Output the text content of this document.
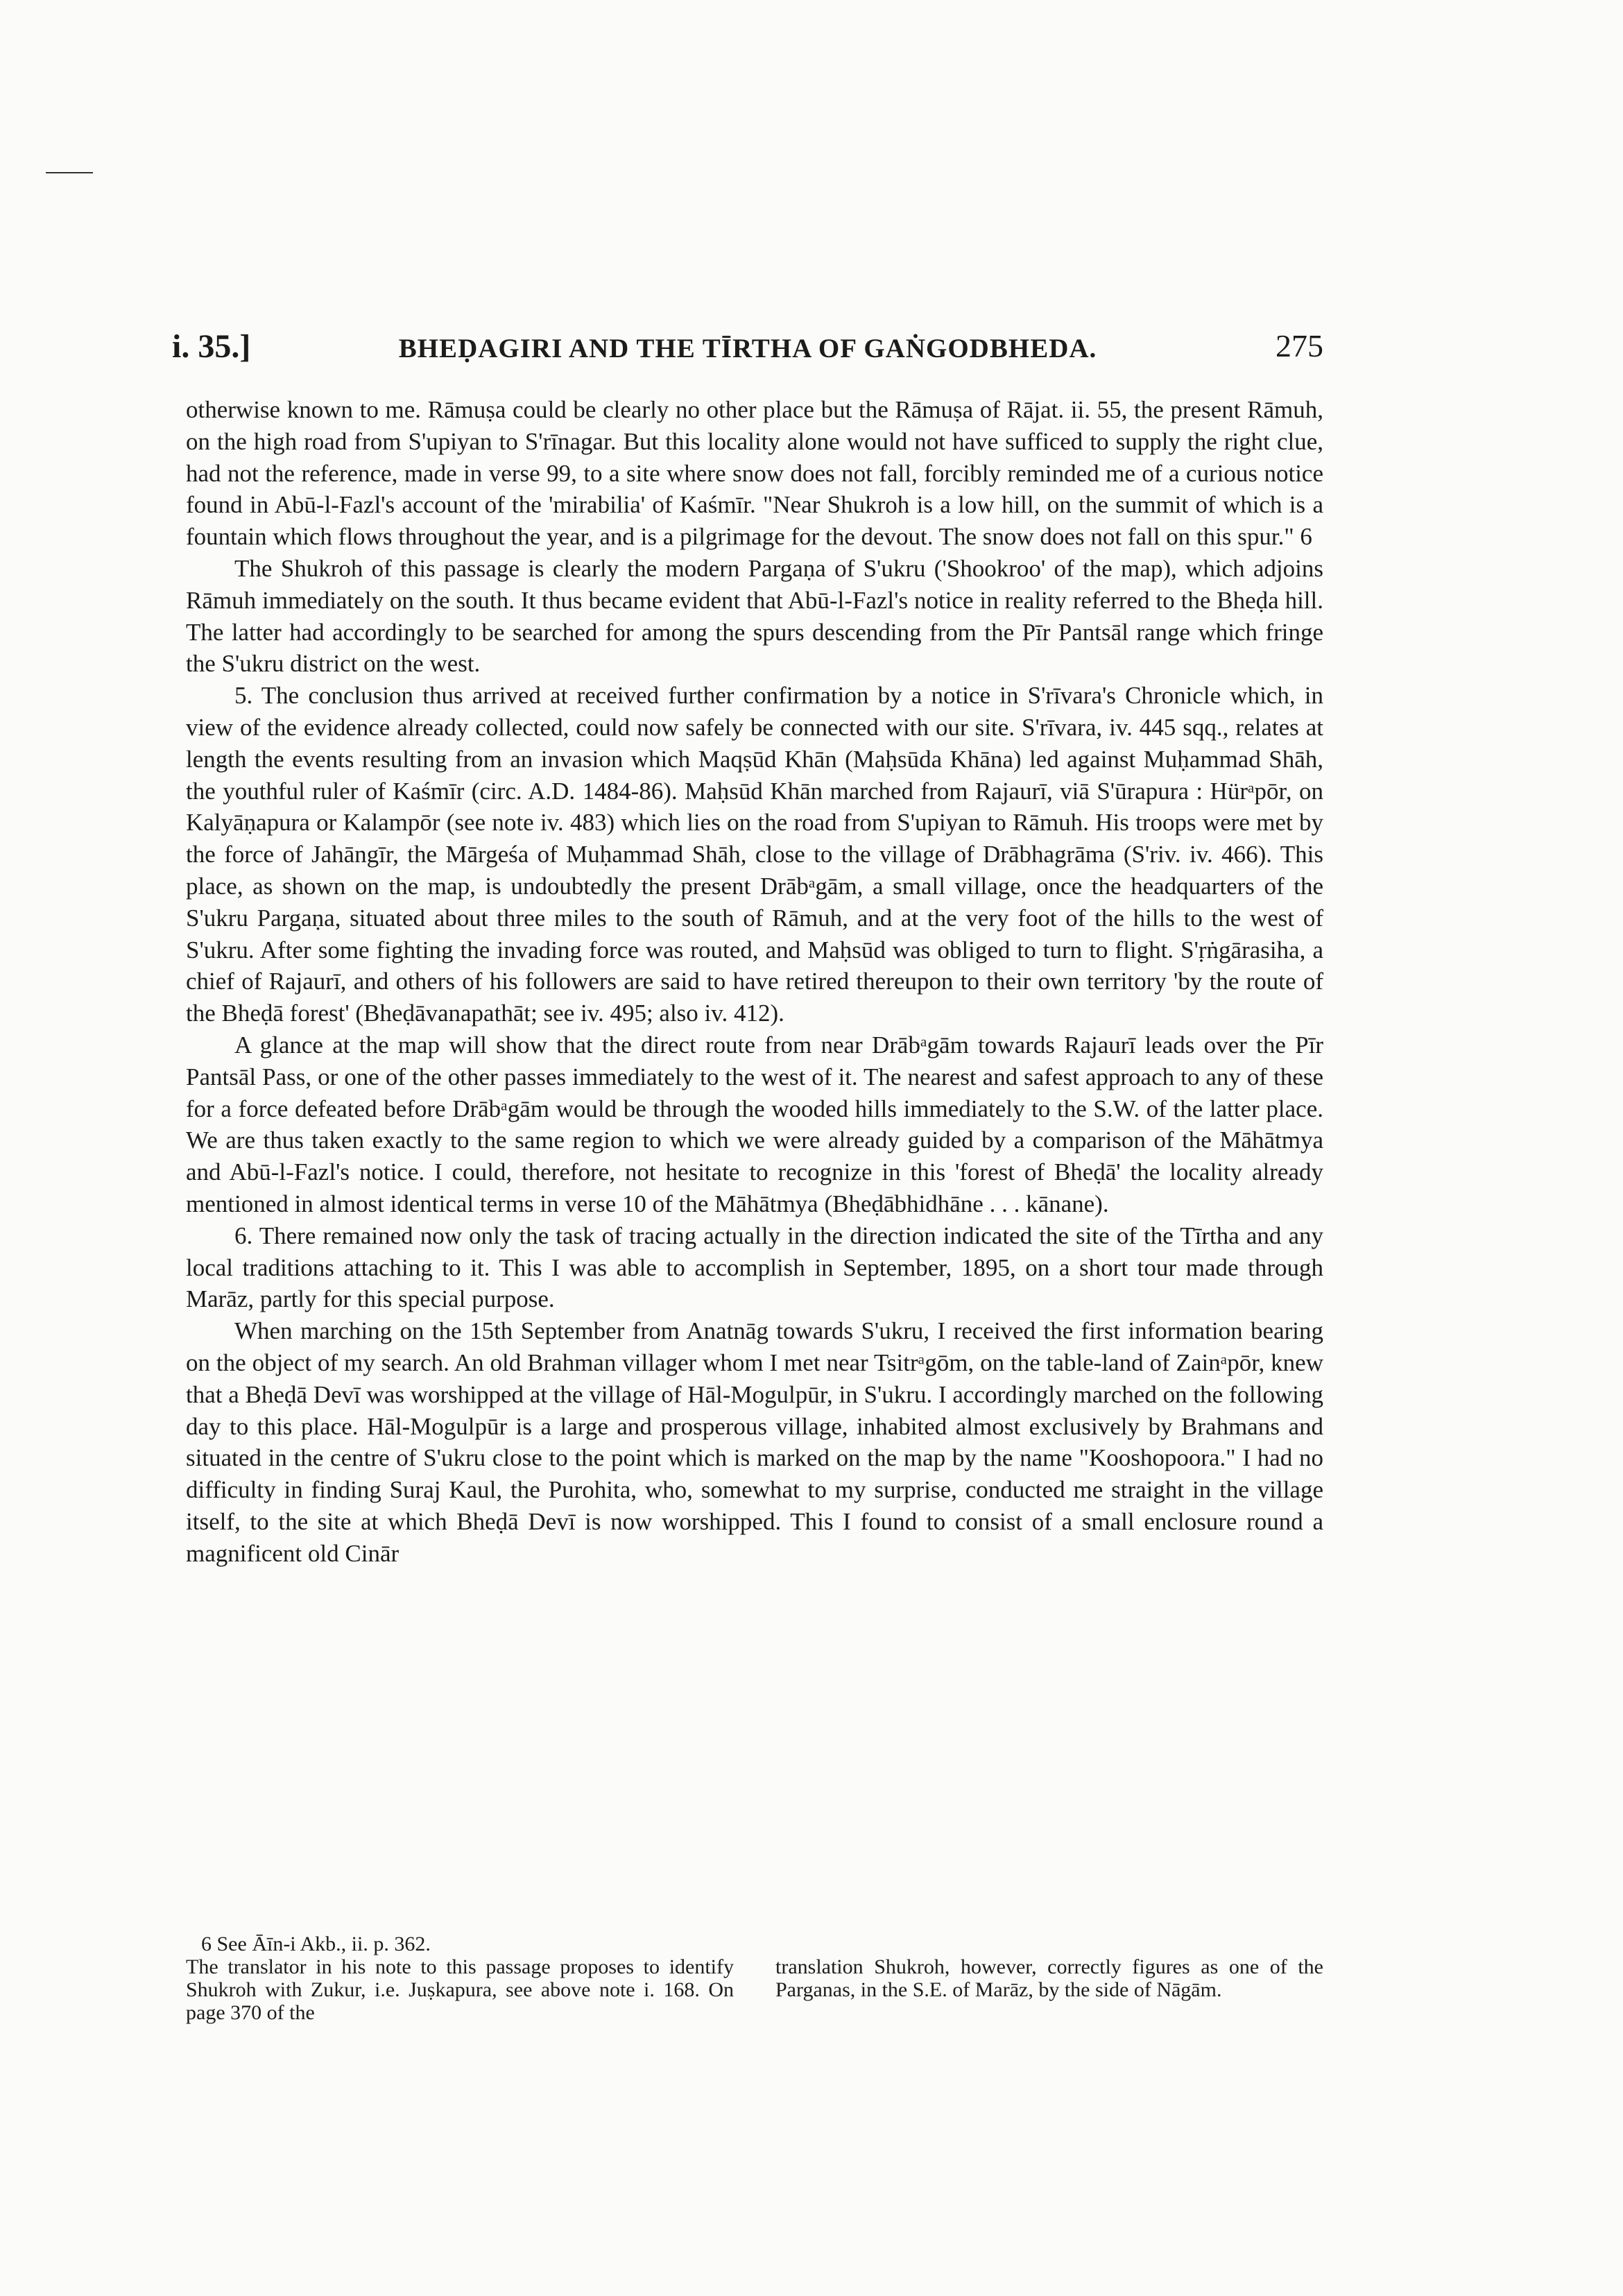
i. 35.]	BHEḌAGIRI AND THE TĪRTHA OF GAṄGODBHEDA.	275

otherwise known to me. Rāmuṣa could be clearly no other place but the Rāmuṣa of Rājat. ii. 55, the present Rāmuh, on the high road from S'upiyan to S'rīnagar. But this locality alone would not have sufficed to supply the right clue, had not the reference, made in verse 99, to a site where snow does not fall, forcibly reminded me of a curious notice found in Abū-l-Fazl's account of the 'mirabilia' of Kaśmīr. "Near Shukroh is a low hill, on the summit of which is a fountain which flows throughout the year, and is a pilgrimage for the devout. The snow does not fall on this spur." 6

The Shukroh of this passage is clearly the modern Pargaṇa of S'ukru ('Shookroo' of the map), which adjoins Rāmuh immediately on the south. It thus became evident that Abū-l-Fazl's notice in reality referred to the Bheḍa hill. The latter had accordingly to be searched for among the spurs descending from the Pīr Pantsāl range which fringe the S'ukru district on the west.

5. The conclusion thus arrived at received further confirmation by a notice in S'rīvara's Chronicle which, in view of the evidence already collected, could now safely be connected with our site. S'rīvara, iv. 445 sqq., relates at length the events resulting from an invasion which Maqṣūd Khān (Maḥsūda Khāna) led against Muḥammad Shāh, the youthful ruler of Kaśmīr (circ. A.D. 1484-86). Maḥsūd Khān marched from Rajaurī, viā S'ūrapura : Hürᵃpōr, on Kalyāṇapura or Kalampōr (see note iv. 483) which lies on the road from S'upiyan to Rāmuh. His troops were met by the force of Jahāngīr, the Mārgeśa of Muḥammad Shāh, close to the village of Drābhagrāma (S'riv. iv. 466). This place, as shown on the map, is undoubtedly the present Drābᵃgām, a small village, once the headquarters of the S'ukru Pargaṇa, situated about three miles to the south of Rāmuh, and at the very foot of the hills to the west of S'ukru. After some fighting the invading force was routed, and Maḥsūd was obliged to turn to flight. S'ṛṅgārasiha, a chief of Rajaurī, and others of his followers are said to have retired thereupon to their own territory 'by the route of the Bheḍā forest' (Bheḍāvanapathāt; see iv. 495; also iv. 412).

A glance at the map will show that the direct route from near Drābᵃgām towards Rajaurī leads over the Pīr Pantsāl Pass, or one of the other passes immediately to the west of it. The nearest and safest approach to any of these for a force defeated before Drābᵃgām would be through the wooded hills immediately to the S.W. of the latter place. We are thus taken exactly to the same region to which we were already guided by a comparison of the Māhātmya and Abū-l-Fazl's notice. I could, therefore, not hesitate to recognize in this 'forest of Bheḍā' the locality already mentioned in almost identical terms in verse 10 of the Māhātmya (Bheḍābhidhāne . . . kānane).

6. There remained now only the task of tracing actually in the direction indicated the site of the Tīrtha and any local traditions attaching to it. This I was able to accomplish in September, 1895, on a short tour made through Marāz, partly for this special purpose.

When marching on the 15th September from Anatnāg towards S'ukru, I received the first information bearing on the object of my search. An old Brahman villager whom I met near Tsitrᵃgōm, on the table-land of Zainᵃpōr, knew that a Bheḍā Devī was worshipped at the village of Hāl-Mogulpūr, in S'ukru. I accordingly marched on the following day to this place. Hāl-Mogulpūr is a large and prosperous village, inhabited almost exclusively by Brahmans and situated in the centre of S'ukru close to the point which is marked on the map by the name "Kooshopoora." I had no difficulty in finding Suraj Kaul, the Purohita, who, somewhat to my surprise, conducted me straight in the village itself, to the site at which Bheḍā Devī is now worshipped. This I found to consist of a small enclosure round a magnificent old Cinār

6 See Āīn-i Akb., ii. p. 362.

The translator in his note to this passage proposes to identify Shukroh with Zukur, i.e. Juṣkapura, see above note i. 168. On page 370 of the

translation Shukroh, however, correctly figures as one of the Parganas, in the S.E. of Marāz, by the side of Nāgām.
